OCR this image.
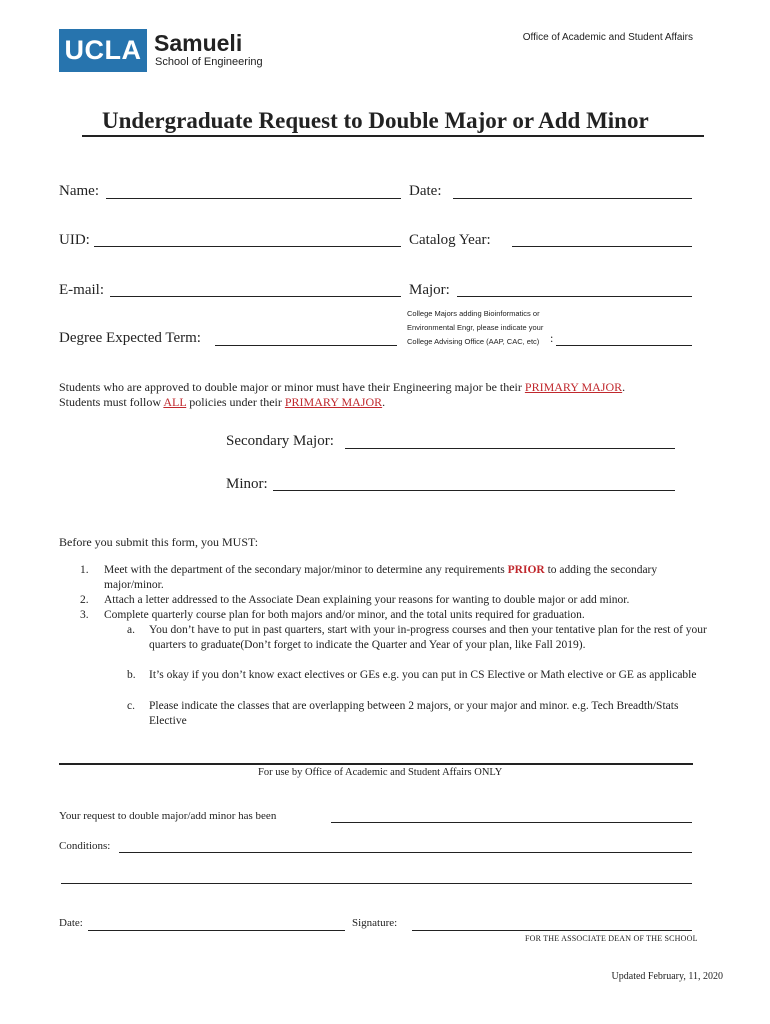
UCLA Samueli
School of Engineering
Office of Academic and Student Affairs
Undergraduate Request to Double Major or Add Minor
Name:	Date:
UID:	Catalog Year:
E-mail:	Major:
Degree Expected Term:
College Majors adding Bioinformatics or
Environmental Engr, please indicate your
College Advising Office (AAP, CAC, etc) :
Students who are approved to double major or minor must have their Engineering major be their PRIMARY MAJOR.
Students must follow ALL policies under their PRIMARY MAJOR.
Secondary Major:
Minor:
Before you submit this form, you MUST:
1. Meet with the department of the secondary major/minor to determine any requirements PRIOR to adding the secondary major/minor.
2. Attach a letter addressed to the Associate Dean explaining your reasons for wanting to double major or add minor.
3. Complete quarterly course plan for both majors and/or minor, and the total units required for graduation.
a. You don’t have to put in past quarters, start with your in-progress courses and then your tentative plan for the rest of your quarters to graduate(Don’t forget to indicate the Quarter and Year of your plan, like Fall 2019).
b. It’s okay if you don’t know exact electives or GEs e.g. you can put in CS Elective or Math elective or GE as applicable
c. Please indicate the classes that are overlapping between 2 majors, or your major and minor. e.g. Tech Breadth/Stats Elective
For use by Office of Academic and Student Affairs ONLY
Your request to double major/add minor has been
Conditions:
Date:	Signature:
FOR THE ASSOCIATE DEAN OF THE SCHOOL
Updated February, 11, 2020
